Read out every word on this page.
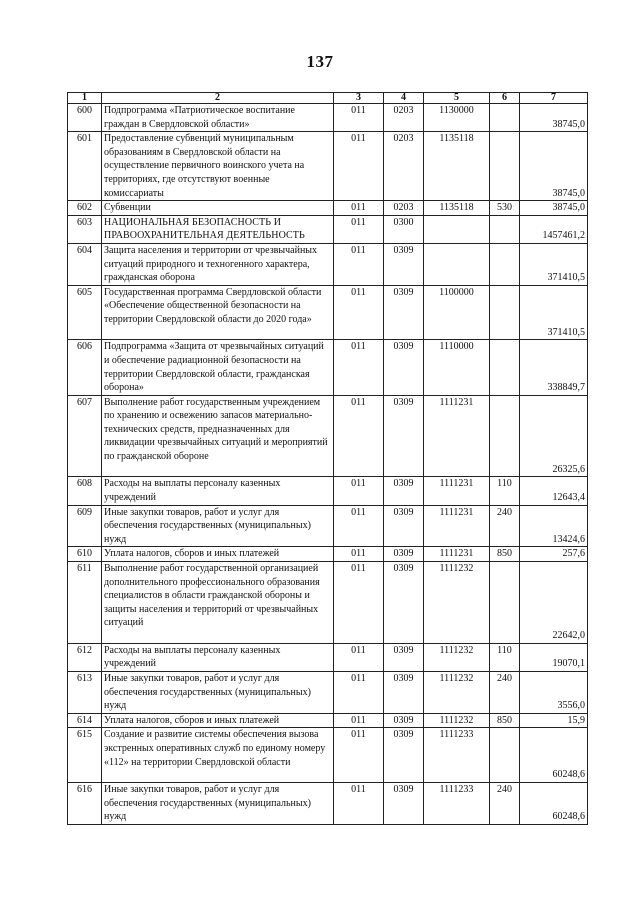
137
1	2	3	4	5	6	7
600	Подпрограмма «Патриотическое воспитание граждан в Свердловской области»	011	0203	1130000		38745,0
601	Предоставление субвенций муниципальным образованиям в Свердловской области на осуществление первичного воинского учета на территориях, где отсутствуют военные комиссариаты	011	0203	1135118		38745,0
602	Субвенции	011	0203	1135118	530	38745,0
603	НАЦИОНАЛЬНАЯ БЕЗОПАСНОСТЬ И ПРАВООХРАНИТЕЛЬНАЯ ДЕЯТЕЛЬНОСТЬ	011	0300			1457461,2
604	Защита населения и территории от чрезвычайных ситуаций природного и техногенного характера, гражданская оборона	011	0309			371410,5
605	Государственная программа Свердловской области «Обеспечение общественной безопасности на территории Свердловской области до 2020 года»	011	0309	1100000		371410,5
606	Подпрограмма «Защита от чрезвычайных ситуаций и обеспечение радиационной безопасности на территории Свердловской области, гражданская оборона»	011	0309	1110000		338849,7
607	Выполнение работ государственным учреждением по хранению и освежению запасов материально-технических средств, предназначенных для ликвидации чрезвычайных ситуаций и мероприятий по гражданской обороне	011	0309	1111231		26325,6
608	Расходы на выплаты персоналу казенных учреждений	011	0309	1111231	110	12643,4
609	Иные закупки товаров, работ и услуг для обеспечения государственных (муниципальных) нужд	011	0309	1111231	240	13424,6
610	Уплата налогов, сборов и иных платежей	011	0309	1111231	850	257,6
611	Выполнение работ государственной организацией дополнительного профессионального образования специалистов в области гражданской обороны и защиты населения и территорий от чрезвычайных ситуаций	011	0309	1111232		22642,0
612	Расходы на выплаты персоналу казенных учреждений	011	0309	1111232	110	19070,1
613	Иные закупки товаров, работ и услуг для обеспечения государственных (муниципальных) нужд	011	0309	1111232	240	3556,0
614	Уплата налогов, сборов и иных платежей	011	0309	1111232	850	15,9
615	Создание и развитие системы обеспечения вызова экстренных оперативных служб по единому номеру «112» на территории Свердловской области	011	0309	1111233		60248,6
616	Иные закупки товаров, работ и услуг для обеспечения государственных (муниципальных) нужд	011	0309	1111233	240	60248,6
